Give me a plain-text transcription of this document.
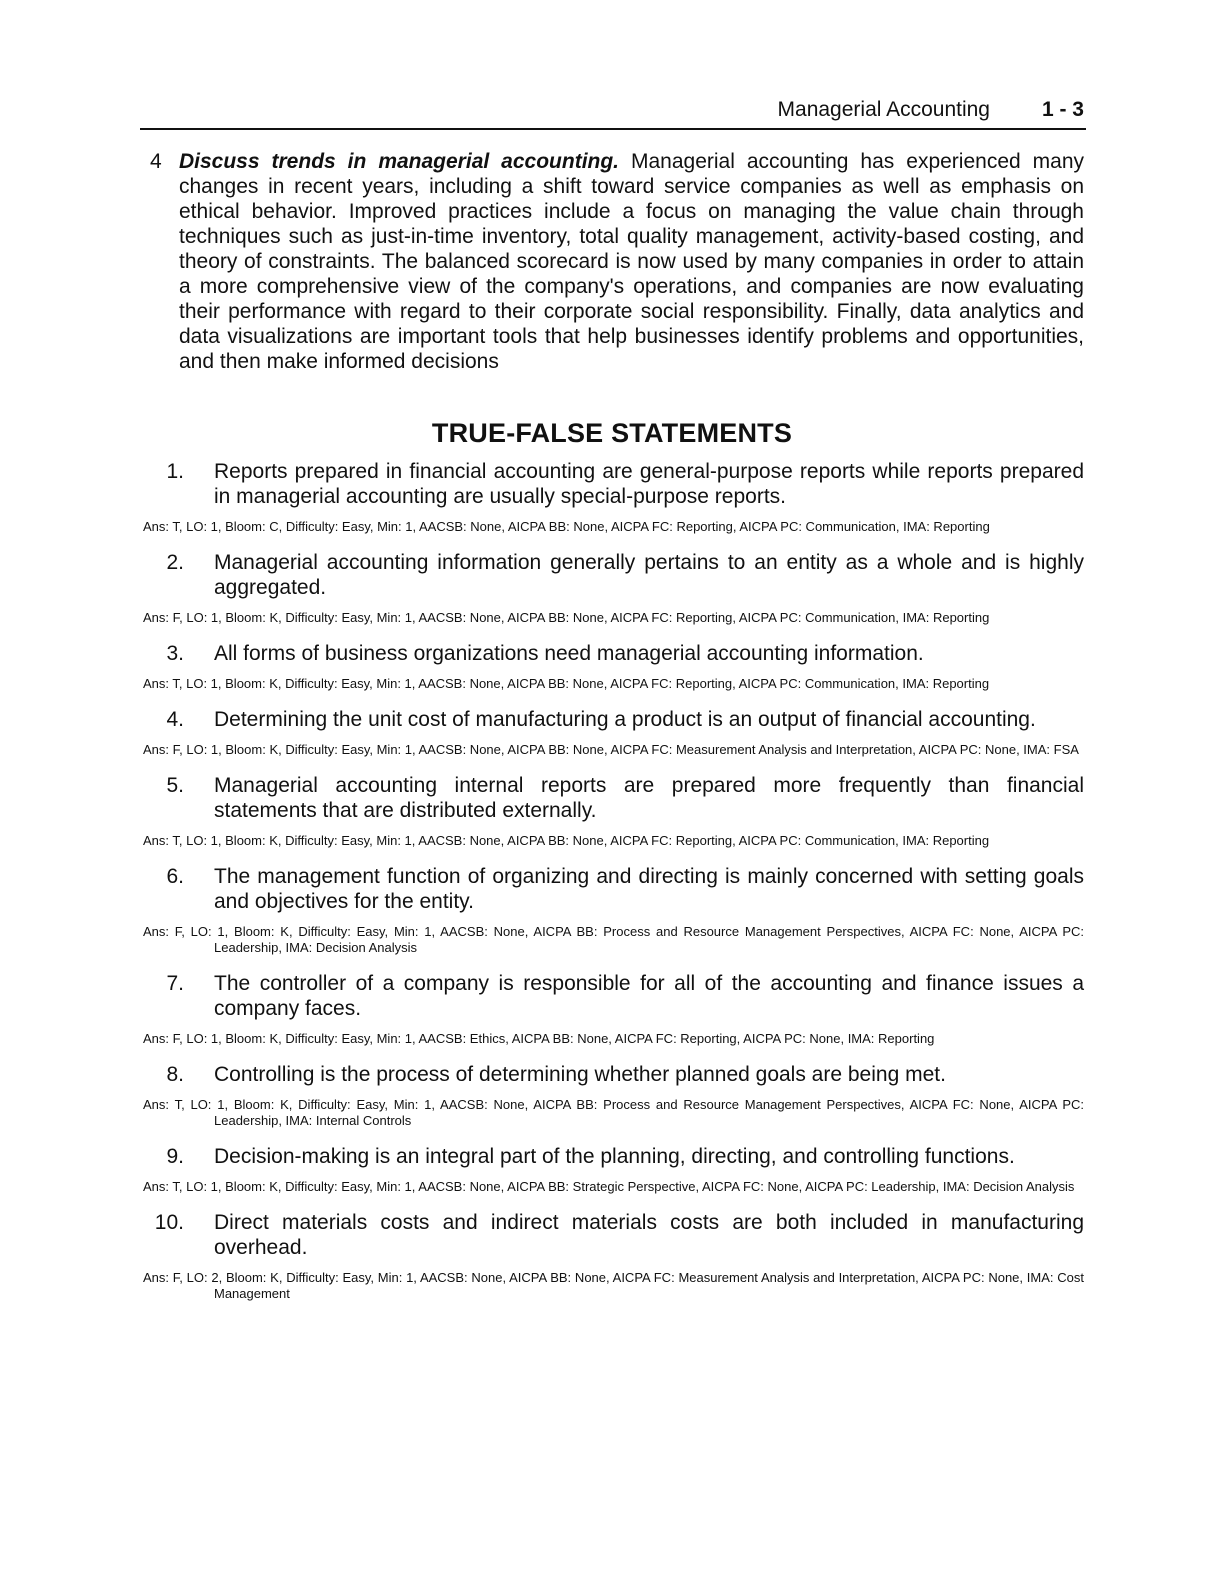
Managerial Accounting 1 - 3
4 Discuss trends in managerial accounting. Managerial accounting has experienced many changes in recent years, including a shift toward service companies as well as emphasis on ethical behavior. Improved practices include a focus on managing the value chain through techniques such as just-in-time inventory, total quality management, activity-based costing, and theory of constraints. The balanced scorecard is now used by many companies in order to attain a more comprehensive view of the company's operations, and companies are now evaluating their performance with regard to their corporate social responsibility. Finally, data analytics and data visualizations are important tools that help businesses identify problems and opportunities, and then make informed decisions
TRUE-FALSE STATEMENTS
1. Reports prepared in financial accounting are general-purpose reports while reports prepared in managerial accounting are usually special-purpose reports.
Ans: T, LO: 1, Bloom: C, Difficulty: Easy, Min: 1, AACSB: None, AICPA BB: None, AICPA FC: Reporting, AICPA PC: Communication, IMA: Reporting
2. Managerial accounting information generally pertains to an entity as a whole and is highly aggregated.
Ans: F, LO: 1, Bloom: K, Difficulty: Easy, Min: 1, AACSB: None, AICPA BB: None, AICPA FC: Reporting, AICPA PC: Communication, IMA: Reporting
3. All forms of business organizations need managerial accounting information.
Ans: T, LO: 1, Bloom: K, Difficulty: Easy, Min: 1, AACSB: None, AICPA BB: None, AICPA FC: Reporting, AICPA PC: Communication, IMA: Reporting
4. Determining the unit cost of manufacturing a product is an output of financial accounting.
Ans: F, LO: 1, Bloom: K, Difficulty: Easy, Min: 1, AACSB: None, AICPA BB: None, AICPA FC: Measurement Analysis and Interpretation, AICPA PC: None, IMA: FSA
5. Managerial accounting internal reports are prepared more frequently than financial statements that are distributed externally.
Ans: T, LO: 1, Bloom: K, Difficulty: Easy, Min: 1, AACSB: None, AICPA BB: None, AICPA FC: Reporting, AICPA PC: Communication, IMA: Reporting
6. The management function of organizing and directing is mainly concerned with setting goals and objectives for the entity.
Ans: F, LO: 1, Bloom: K, Difficulty: Easy, Min: 1, AACSB: None, AICPA BB: Process and Resource Management Perspectives, AICPA FC: None, AICPA PC: Leadership, IMA: Decision Analysis
7. The controller of a company is responsible for all of the accounting and finance issues a company faces.
Ans: F, LO: 1, Bloom: K, Difficulty: Easy, Min: 1, AACSB: Ethics, AICPA BB: None, AICPA FC: Reporting, AICPA PC: None, IMA: Reporting
8. Controlling is the process of determining whether planned goals are being met.
Ans: T, LO: 1, Bloom: K, Difficulty: Easy, Min: 1, AACSB: None, AICPA BB: Process and Resource Management Perspectives, AICPA FC: None, AICPA PC: Leadership, IMA: Internal Controls
9. Decision-making is an integral part of the planning, directing, and controlling functions.
Ans: T, LO: 1, Bloom: K, Difficulty: Easy, Min: 1, AACSB: None, AICPA BB: Strategic Perspective, AICPA FC: None, AICPA PC: Leadership, IMA: Decision Analysis
10. Direct materials costs and indirect materials costs are both included in manufacturing overhead.
Ans: F, LO: 2, Bloom: K, Difficulty: Easy, Min: 1, AACSB: None, AICPA BB: None, AICPA FC: Measurement Analysis and Interpretation, AICPA PC: None, IMA: Cost Management
